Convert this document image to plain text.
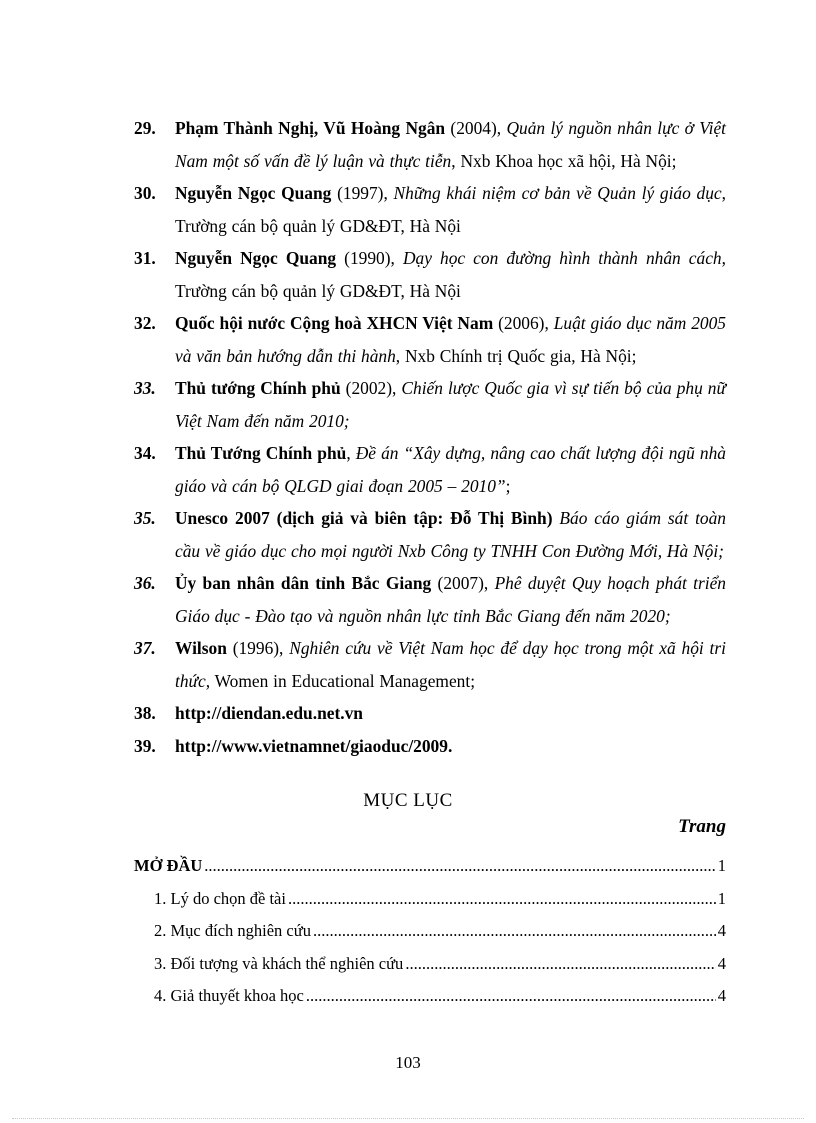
29. Phạm Thành Nghị, Vũ Hoàng Ngân (2004), Quản lý nguồn nhân lực ở Việt Nam một số vấn đề lý luận và thực tiễn, Nxb Khoa học xã hội, Hà Nội;

30. Nguyễn Ngọc Quang (1997), Những khái niệm cơ bản về Quản lý giáo dục, Trường cán bộ quản lý GD&ĐT, Hà Nội

31. Nguyễn Ngọc Quang (1990), Dạy học con đường hình thành nhân cách, Trường cán bộ quản lý GD&ĐT, Hà Nội

32. Quốc hội nước Cộng hoà XHCN Việt Nam (2006), Luật giáo dục năm 2005 và văn bản hướng dẫn thi hành, Nxb Chính trị Quốc gia, Hà Nội;

33. Thủ tướng Chính phủ (2002), Chiến lược Quốc gia vì sự tiến bộ của phụ nữ Việt Nam đến năm 2010;

34. Thủ Tướng Chính phủ, Đề án “Xây dựng, nâng cao chất lượng đội ngũ nhà giáo và cán bộ QLGD giai đoạn 2005 – 2010”;

35. Unesco 2007 (dịch giả và biên tập: Đỗ Thị Bình) Báo cáo giám sát toàn cầu về giáo dục cho mọi người Nxb Công ty TNHH Con Đường Mới, Hà Nội;

36. Ủy ban nhân dân tỉnh Bắc Giang (2007), Phê duyệt Quy hoạch phát triển Giáo dục - Đào tạo và nguồn nhân lực tỉnh Bắc Giang đến năm 2020;

37. Wilson (1996), Nghiên cứu về Việt Nam học để dạy học trong một xã hội tri thức, Women in Educational Management;

38. http://diendan.edu.net.vn

39. http://www.vietnamnet/giaoduc/2009.

MỤC LỤC
Trang
MỞ ĐẦU .....	1
1. Lý do chọn đề tài .....	1
2. Mục đích nghiên cứu .....	4
3. Đối tượng và khách thể nghiên cứu .....	4
4. Giả thuyết khoa học .....	4
103
